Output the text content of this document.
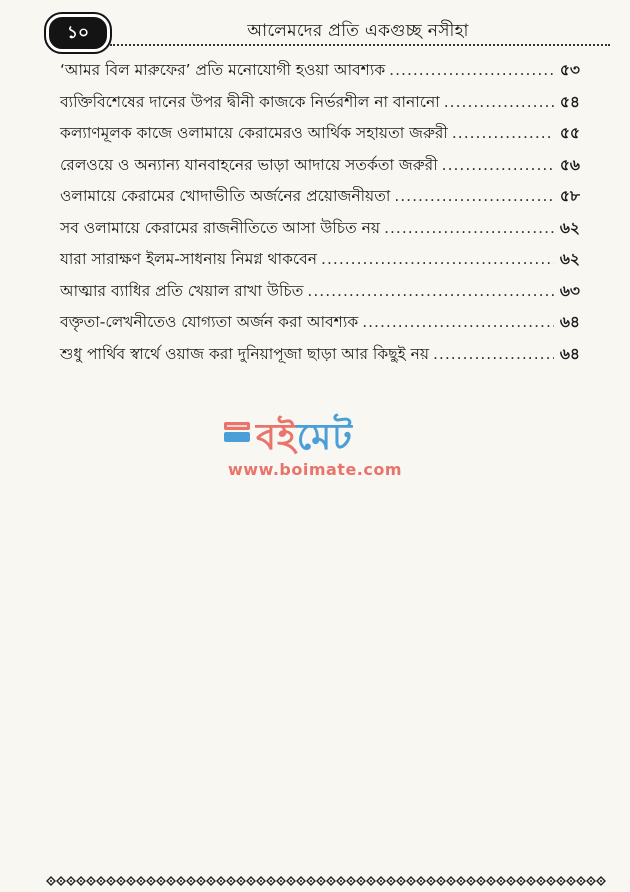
১০	আলেমদের প্রতি একগুচ্ছ নসীহা
‘আমর বিল মারুফের’ প্রতি মনোযোগী হওয়া আবশ্যক .....	৫৩
ব্যক্তিবিশেষের দানের উপর দ্বীনী কাজকে নির্ভরশীল না বানানো .....	৫৪
কল্যাণমূলক কাজে ওলামায়ে কেরামেরও আর্থিক সহায়তা জরুরী .....	৫৫
রেলওয়ে ও অন্যান্য যানবাহনের ভাড়া আদায়ে সতর্কতা জরুরী .....	৫৬
ওলামায়ে কেরামের খোদাভীতি অর্জনের প্রয়োজনীয়তা .....	৫৮
সব ওলামায়ে কেরামের রাজনীতিতে আসা উচিত নয় .....	৬২
যারা সারাক্ষণ ইলম-সাধনায় নিমগ্ন থাকবেন .....	৬২
আত্মার ব্যাধির প্রতি খেয়াল রাখা উচিত .....	৬৩
বক্তৃতা-লেখনীতেও যোগ্যতা অর্জন করা আবশ্যক .....	৬৪
শুধু পার্থিব স্বার্থে ওয়াজ করা দুনিয়াপূজা ছাড়া আর কিছুই নয় .....	৬৪
বইমেট
www.boimate.com
